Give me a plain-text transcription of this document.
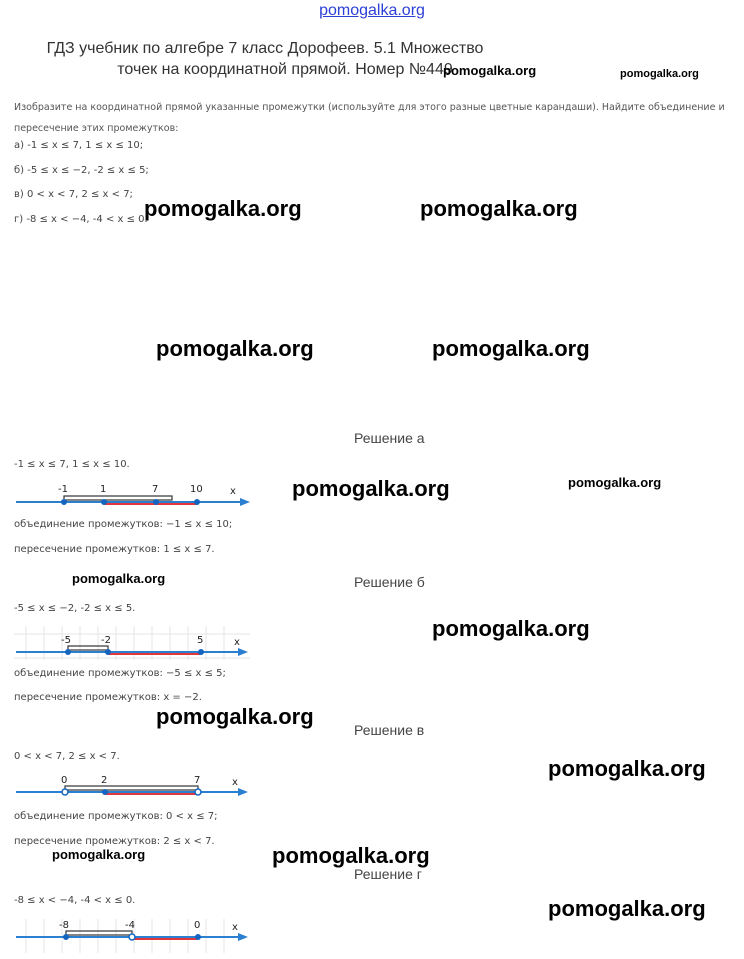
pomogalka.org
ГДЗ учебник по алгебре 7 класс Дорофеев. 5.1 Множество
точек на координатной прямой. Номер №449
Изобразите на координатной прямой указанные промежутки (используйте для этого разные цветные карандаши). Найдите объединение и пересечение этих промежутков:
а) -1 ≤ x ≤ 7, 1 ≤ x ≤ 10;
б) -5 ≤ x ≤ −2, -2 ≤ x ≤ 5;
в) 0 < x < 7, 2 ≤ x < 7;
г) -8 ≤ x < −4, -4 < x ≤ 0.
Решение а
-1 ≤ x ≤ 7, 1 ≤ x ≤ 10.
-1	1	7	10	x
объединение промежутков: −1 ≤ x ≤ 10;
пересечение промежутков: 1 ≤ x ≤ 7.
Решение б
-5 ≤ x ≤ −2, -2 ≤ x ≤ 5.
-5	-2	5	x
объединение промежутков: −5 ≤ x ≤ 5;
пересечение промежутков: x = −2.
Решение в
0 < x < 7, 2 ≤ x < 7.
0	2	7	x
объединение промежутков: 0 < x ≤ 7;
пересечение промежутков: 2 ≤ x < 7.
Решение г
-8 ≤ x < −4, -4 < x ≤ 0.
-8	-4	0	x
pomogalka.org	pomogalka.org
pomogalka.org	pomogalka.org
pomogalka.org	pomogalka.org
pomogalka.org	pomogalka.org
pomogalka.org
pomogalka.org
pomogalka.org
pomogalka.org
pomogalka.org	pomogalka.org
pomogalka.org
